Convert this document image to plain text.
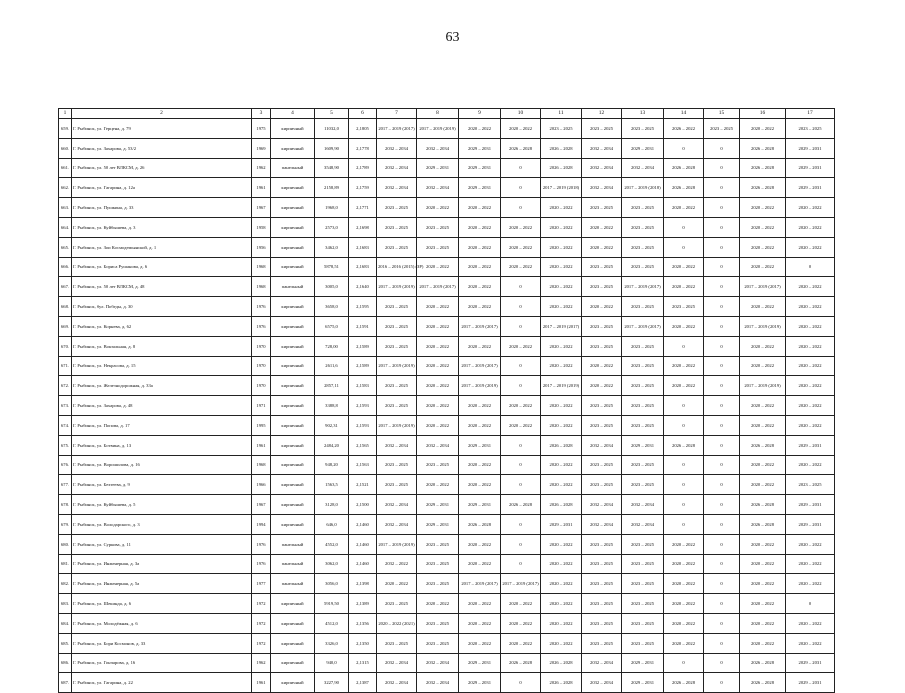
63
1	2	3	4	5	6	7	8	9	10	11	12	13	14	15	16	17
659.	Г. Рыбинск, ул. Герцена, д. 79	1975	кирпичный	11032,0	2,1805	2017 – 2019 (2017)	2017 – 2019 (2019)	2020 – 2022	2020 – 2022	2023 – 2025	2023 – 2025	2023 – 2025	2026 – 2022	2023 – 2025	2020 – 2022	2023 – 2025
660.	Г. Рыбинск, ул. Захарова, д. 53/2	1969	кирпичный	1609,90	2,1778	2032 – 2034	2032 – 2034	2029 – 2031	2026 – 2028	2026 – 2028	2032 – 2034	2029 – 2031	0	0	2026 – 2028	2029 – 2031
661.	Г. Рыбинск, ул. 50 лет ВЛКСМ, д. 26	1962	панельный	3548,90	2,1789	2032 – 2034	2029 – 2031	2029 – 2031	0	2026 – 2028	2032 – 2034	2032 – 2034	2026 – 2028	0	2026 – 2028	2029 – 2031
662.	Г. Рыбинск, ул. Гагарина, д. 12а	1961	кирпичный	2158,89	2,1759	2032 – 2034	2032 – 2034	2029 – 2031	0	2017 – 2019 (2018)	2032 – 2034	2017 – 2019 (2018)	2026 – 2028	0	2026 – 2028	2029 – 2031
663.	Г. Рыбинск, ул. Пушкина, д. 33	1967	кирпичный	1968,0	2,1771	2023 – 2025	2020 – 2022	2020 – 2022	0	2020 – 2022	2023 – 2025	2023 – 2025	2020 – 2022	0	2020 – 2022	2020 – 2022
664.	Г. Рыбинск, ул. Куйбышева, д. 3	1958	кирпичный	2573,0	2,1698	2023 – 2025	2023 – 2025	2020 – 2022	2020 – 2022	2020 – 2022	2020 – 2022	2023 – 2025	0	0	2020 – 2022	2020 – 2022
665.	Г. Рыбинск, ул. Зои Космодемьянской, д. 1	1956	кирпичный	3462,0	2,1683	2023 – 2025	2023 – 2025	2020 – 2022	2020 – 2022	2020 – 2022	2020 – 2022	2023 – 2025	0	0	2020 – 2022	2020 – 2022
666.	Г. Рыбинск, ул. Бориса Рушанова, д. 6	1968	кирпичный	5878,51	2,1683	2016 – 2016 (2015) (ЗР)	2020 – 2022	2020 – 2022	2020 – 2022	2020 – 2022	2023 – 2025	2023 – 2025	2020 – 2022	0	2020 – 2022	0
667.	Г. Рыбинск, ул. 50 лет ВЛКСМ, д. 48	1968	панельный	3005,0	2,1640	2017 – 2019 (2019)	2017 – 2019 (2017)	2020 – 2022	0	2020 – 2022	2023 – 2025	2017 – 2019 (2017)	2020 – 2022	0	2017 – 2019 (2017)	2020 – 2022
668.	Г. Рыбинск, бул. Победы, д. 30	1976	кирпичный	3658,0	2,1595	2023 – 2025	2020 – 2022	2020 – 2022	0	2020 – 2022	2020 – 2022	2023 – 2025	2023 – 2025	0	2020 – 2022	2020 – 2022
669.	Г. Рыбинск, ул. Корнева, д. 62	1976	кирпичный	6575,0	2,1591	2023 – 2025	2020 – 2022	2017 – 2019 (2017)	0	2017 – 2019 (2017)	2023 – 2025	2017 – 2019 (2017)	2020 – 2022	0	2017 – 2019 (2019)	2020 – 2022
670.	Г. Рыбинск, ул. Вокзальная, д. 8	1970	кирпичный	728,00	2,1589	2023 – 2025	2020 – 2022	2020 – 2022	2020 – 2022	2020 – 2022	2023 – 2025	2023 – 2025	0	0	2020 – 2022	2020 – 2022
671.	Г. Рыбинск, ул. Некрасова, д. 15	1970	кирпичный	2611,6	2,1589	2017 – 2019 (2019)	2020 – 2022	2017 – 2019 (2017)	0	2020 – 2022	2020 – 2022	2023 – 2025	2020 – 2022	0	2020 – 2022	2020 – 2022
672.	Г. Рыбинск, ул. Железнодорожная, д. 33а	1970	кирпичный	2857,11	2,1583	2023 – 2025	2020 – 2022	2017 – 2019 (2019)	0	2017 – 2019 (2019)	2020 – 2022	2023 – 2025	2020 – 2022	0	2017 – 2019 (2019)	2020 – 2022
673.	Г. Рыбинск, ул. Захарова, д. 48	1971	кирпичный	3388,8	2,1593	2023 – 2025	2020 – 2022	2020 – 2022	2020 – 2022	2020 – 2022	2023 – 2025	2023 – 2025	0	0	2020 – 2022	2020 – 2022
674.	Г. Рыбинск, ул. Попова, д. 17	1995	кирпичный	902,31	2,1593	2017 – 2019 (2019)	2020 – 2022	2020 – 2022	2020 – 2022	2020 – 2022	2023 – 2025	2023 – 2025	0	0	2020 – 2022	2020 – 2022
675.	Г. Рыбинск, ул. Ботвина, д. 13	1961	кирпичный	2484,20	2,1565	2032 – 2034	2032 – 2034	2029 – 2031	0	2026 – 2028	2032 – 2034	2029 – 2031	2026 – 2028	0	2026 – 2028	2029 – 2031
676.	Г. Рыбинск, ул. Ворошилова, д. 16	1968	кирпичный	948,20	2,1563	2023 – 2025	2023 – 2025	2020 – 2022	0	2020 – 2022	2023 – 2025	2023 – 2025	0	0	2020 – 2022	2020 – 2022
677.	Г. Рыбинск, ул. Бехтеева, д. 9	1966	кирпичный	1563,5	2,1521	2023 – 2025	2020 – 2022	2020 – 2022	0	2020 – 2022	2023 – 2025	2023 – 2025	0	0	2020 – 2022	2023 – 2025
678.	Г. Рыбинск, ул. Куйбышева, д. 5	1967	кирпичный	3128,0	2,1500	2032 – 2034	2029 – 2031	2029 – 2031	2026 – 2028	2026 – 2028	2032 – 2034	2032 – 2034	0	0	2026 – 2028	2029 – 2031
679.	Г. Рыбинск, ул. Володарского, д. 3	1994	кирпичный	646,0	2,1460	2032 – 2034	2029 – 2031	2026 – 2028	0	2029 – 2031	2032 – 2034	2032 – 2034	0	0	2026 – 2028	2029 – 2031
680.	Г. Рыбинск, ул. Суркова, д. 11	1976	панельный	4552,0	2,1460	2017 – 2019 (2019)	2023 – 2025	2020 – 2022	0	2020 – 2022	2023 – 2025	2023 – 2025	2020 – 2022	0	2020 – 2022	2020 – 2022
681.	Г. Рыбинск, ул. Инженерная, д. 3а	1976	панельный	3062,0	2,1460	2032 – 2022	2023 – 2025	2020 – 2022	0	2020 – 2022	2023 – 2025	2023 – 2025	2020 – 2022	0	2020 – 2022	2020 – 2022
682.	Г. Рыбинск, ул. Инженерная, д. 5а	1977	панельный	3056,0	2,1398	2020 – 2022	2023 – 2025	2017 – 2019 (2017)	2017 – 2019 (2017)	2020 – 2022	2023 – 2025	2023 – 2025	2020 – 2022	0	2020 – 2022	2020 – 2022
683.	Г. Рыбинск, ул. Шекинда, д. 6	1972	кирпичный	5919,50	2,1389	2023 – 2025	2020 – 2022	2020 – 2022	2020 – 2022	2020 – 2022	2023 – 2025	2023 – 2025	2020 – 2022	0	2020 – 2022	0
684.	Г. Рыбинск, ул. Молодёжная, д. 6	1972	кирпичный	4512,0	2,1356	2020 – 2022 (2021)	2023 – 2025	2020 – 2022	2020 – 2022	2020 – 2022	2023 – 2025	2023 – 2025	2020 – 2022	0	2020 – 2022	2020 – 2022
685.	Г. Рыбинск, ул. Бори Космонов, д. 33	1972	кирпичный	3326,0	2,1350	2023 – 2025	2023 – 2025	2020 – 2022	2020 – 2022	2020 – 2022	2023 – 2025	2023 – 2025	2020 – 2022	0	2020 – 2022	2020 – 2022
686.	Г. Рыбинск, ул. Гончарова, д. 16	1962	кирпичный	940,0	2,1315	2032 – 2034	2032 – 2034	2029 – 2031	2026 – 2028	2026 – 2028	2032 – 2034	2029 – 2031	0	0	2026 – 2028	2029 – 2031
687.	Г. Рыбинск, ул. Гагарина, д. 22	1961	кирпичный	3227,90	2,1387	2032 – 2034	2032 – 2034	2029 – 2031	0	2026 – 2028	2032 – 2034	2029 – 2031	2026 – 2028	0	2026 – 2028	2029 – 2031
